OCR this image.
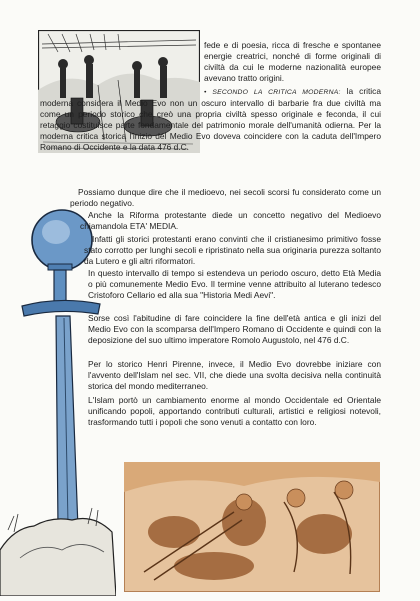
fede e di poesia, ricca di fresche e spontanee energie creatrici, nonché di forme originali di civiltà da cui le moderne nazionalità europee avevano tratto origini.

• SECONDO LA CRITICA MODERNA: la critica moderna considera il Medio Evo non un oscuro intervallo di barbarie fra due civiltà ma come un periodo storico che creò una propria civiltà spesso originale e feconda, il cui retaggio costituisce parte fondamentale del patrimonio morale dell'umanità odierna. Per la moderna critica storica l'inizio del Medio Evo doveva coincidere con la caduta dell'Impero Romano di Occidente e la data 476 d.C.

Possiamo dunque dire che il medioevo, nei secoli scorsi fu considerato come un periodo negativo.

Anche la Riforma protestante diede un concetto negativo del Medioevo chiamandola ETA' MEDIA.

Infatti gli storici protestanti erano convinti che il cristianesimo primitivo fosse stato corrotto per lunghi secoli e ripristinato nella sua originaria purezza soltanto da Lutero e gli altri riformatori.

In questo intervallo di tempo si estendeva un periodo oscuro, detto Età Media o più comunemente Medio Evo. Il termine venne attribuito al luterano tedesco Cristoforo Cellario ed alla sua "Historia Medi Aevi".

Sorse così l'abitudine di fare coincidere la fine dell'età antica e gli inizi del Medio Evo con la scomparsa dell'Impero Romano di Occidente e quindi con la deposizione del suo ultimo imperatore Romolo Augustolo, nel 476 d.C.

Per lo storico Henri Pirenne, invece, il Medio Evo dovrebbe iniziare con l'avvento dell'Islam nel sec. VII, che diede una svolta decisiva nella continuità storica del mondo mediterraneo.

L'Islam portò un cambiamento enorme al mondo Occidentale ed Orientale unificando popoli, apportando contributi culturali, artistici e religiosi notevoli, trasformando tutti i popoli che sono venuti a contatto con loro.
